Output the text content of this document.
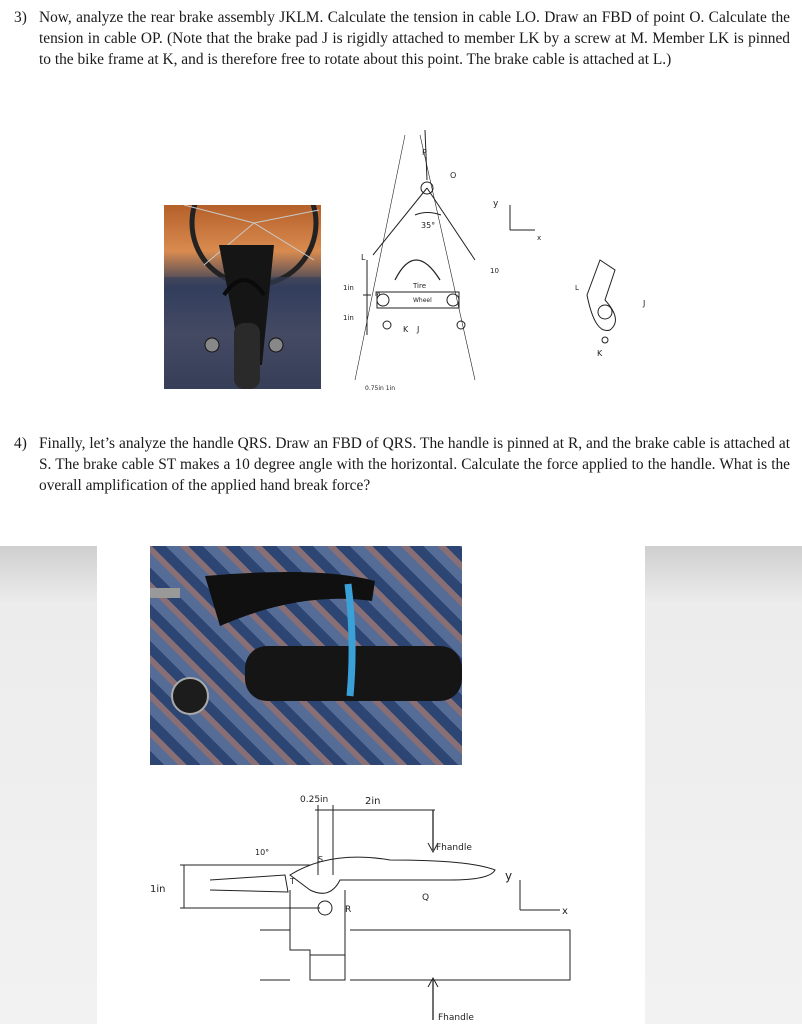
3) Now, analyze the rear brake assembly JKLM. Calculate the tension in cable LO. Draw an FBD of point O. Calculate the tension in cable OP. (Note that the brake pad J is rigidly attached to member LK by a screw at M. Member LK is pinned to the bike frame at K, and is therefore free to rotate about this point. The brake cable is attached at L.)
35°
Tire
Wheel
1in
1in
0.75in 1in
P
O
L
M
K J
10
y
x
L
J
K
4) Finally, let’s analyze the handle QRS. Draw an FBD of QRS. The handle is pinned at R, and the brake cable is attached at S. The brake cable ST makes a 10 degree angle with the horizontal. Calculate the force applied to the handle. What is the overall amplification of the applied hand break force?
0.25in	2in
Fhandle
1in
10°
R
Q
S
T
Fhandle
y
x
